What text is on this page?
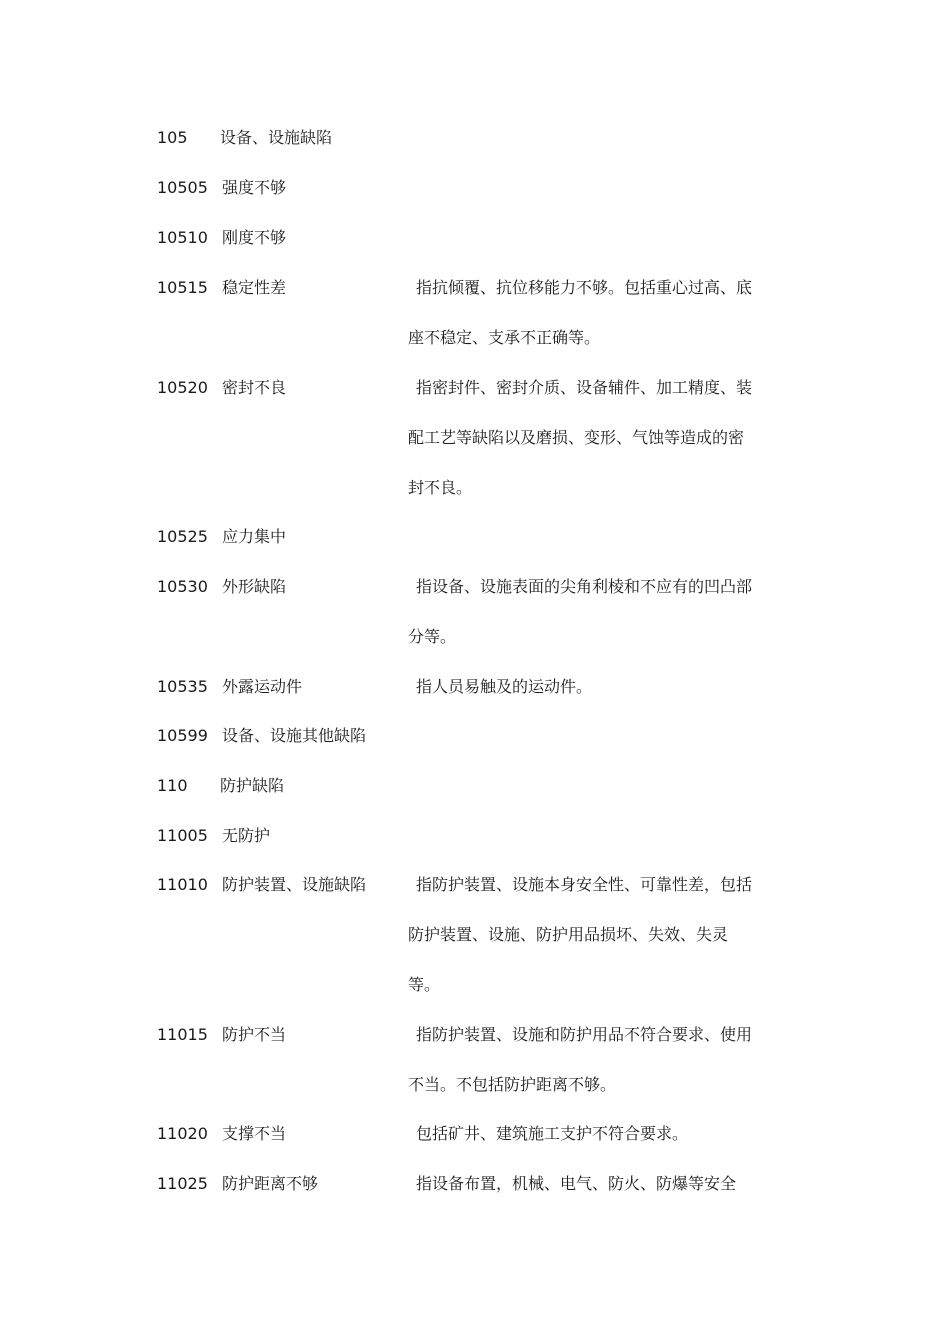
105 设备、设施缺陷
10505 强度不够
10510 刚度不够
10515 稳定性差	指抗倾覆、抗位移能力不够。包括重心过高、底座不稳定、支承不正确等。
10520 密封不良	指密封件、密封介质、设备辅件、加工精度、装配工艺等缺陷以及磨损、变形、气蚀等造成的密封不良。
10525 应力集中
10530 外形缺陷	指设备、设施表面的尖角利棱和不应有的凹凸部分等。
10535 外露运动件	指人员易触及的运动件。
10599 设备、设施其他缺陷
110 防护缺陷
11005 无防护
11010 防护装置、设施缺陷	指防护装置、设施本身安全性、可靠性差，包括防护装置、设施、防护用品损坏、失效、失灵等。
11015 防护不当	指防护装置、设施和防护用品不符合要求、使用不当。不包括防护距离不够。
11020 支撑不当	包括矿井、建筑施工支护不符合要求。
11025 防护距离不够	指设备布置，机械、电气、防火、防爆等安全
